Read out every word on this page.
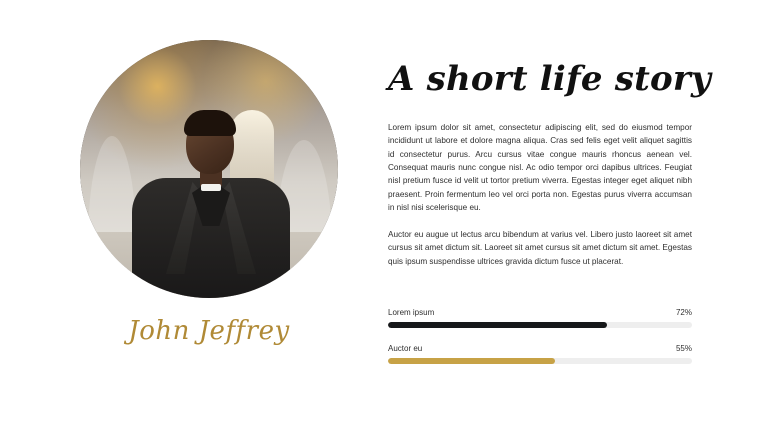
John Jeffrey
A short life story

Lorem ipsum dolor sit amet, consectetur adipiscing elit, sed do eiusmod tempor incididunt ut labore et dolore magna aliqua. Cras sed felis eget velit aliquet sagittis id consectetur purus. Arcu cursus vitae congue mauris rhoncus aenean vel. Consequat mauris nunc congue nisl. Ac odio tempor orci dapibus ultrices. Feugiat nisl pretium fusce id velit ut tortor pretium viverra. Egestas integer eget aliquet nibh praesent. Proin fermentum leo vel orci porta non. Egestas purus viverra accumsan in nisl nisi scelerisque eu.

Auctor eu augue ut lectus arcu bibendum at varius vel. Libero justo laoreet sit amet cursus sit amet dictum sit. Laoreet sit amet cursus sit amet dictum sit amet. Egestas quis ipsum suspendisse ultrices gravida dictum fusce ut placerat.

Lorem ipsum	72%
Auctor eu	55%
